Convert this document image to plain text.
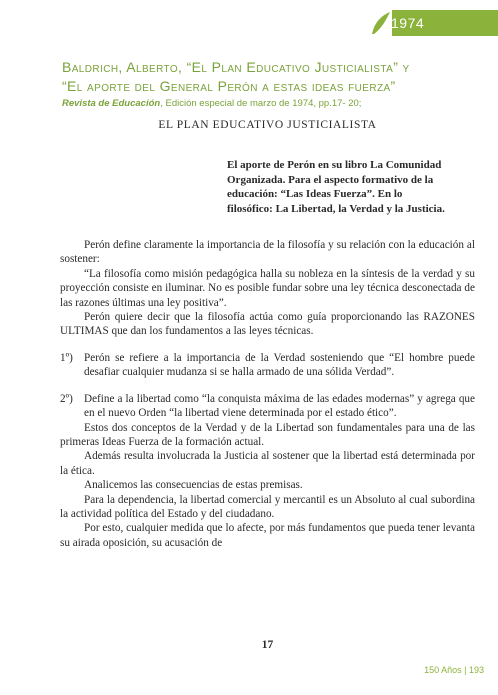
1974
Baldrich, Alberto, “El Plan Educativo Justicialista” y
“El aporte del General Perón a estas ideas fuerza”
Revista de Educación, Edición especial de marzo de 1974, pp.17- 20;
EL PLAN EDUCATIVO JUSTICIALISTA
El aporte de Perón en su libro La Comunidad Organizada. Para el aspecto formativo de la educación: “Las Ideas Fuerza”. En lo filosófico: La Libertad, la Verdad y la Justicia.

Perón define claramente la importancia de la filosofía y su relación con la educación al sostener:

“La filosofía como misión pedagógica halla su nobleza en la síntesis de la verdad y su proyección consiste en iluminar. No es posible fundar sobre una ley técnica desconectada de las razones últimas una ley positiva”.

Perón quiere decir que la filosofía actúa como guía proporcionando las RAZONES ULTIMAS que dan los fundamentos a las leyes técnicas.

1º) Perón se refiere a la importancia de la Verdad sosteniendo que “El hombre puede desafiar cualquier mudanza si se halla armado de una sólida Verdad”.

2º) Define a la libertad como “la conquista máxima de las edades modernas” y agrega que en el nuevo Orden “la libertad viene determinada por el estado ético”.

Estos dos conceptos de la Verdad y de la Libertad son fundamentales para una de las primeras Ideas Fuerza de la formación actual.

Además resulta involucrada la Justicia al sostener que la libertad está determinada por la ética.

Analicemos las consecuencias de estas premisas.

Para la dependencia, la libertad comercial y mercantil es un Absoluto al cual subordina la actividad política del Estado y del ciudadano.

Por esto, cualquier medida que lo afecte, por más fundamentos que pueda tener levanta su airada oposición, su acusación de

17
150 Años | 193
